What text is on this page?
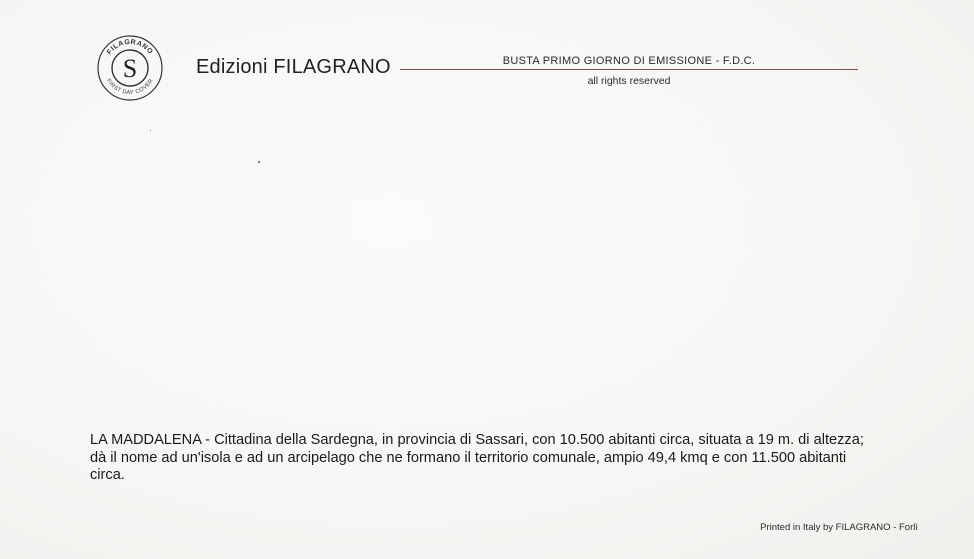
FILAGRANO
FIRST DAY COVER
S	Edizioni FILAGRANO	BUSTA PRIMO GIORNO DI EMISSIONE - F.D.C.
all rights reserved
LA MADDALENA - Cittadina della Sardegna, in provincia di Sassari, con 10.500 abitanti circa, situata a 19 m. di altezza; dà il nome ad un'isola e ad un arcipelago che ne formano il territorio comunale, ampio 49,4 kmq e con 11.500 abitanti circa.
Printed in Italy by FILAGRANO - Forlì
